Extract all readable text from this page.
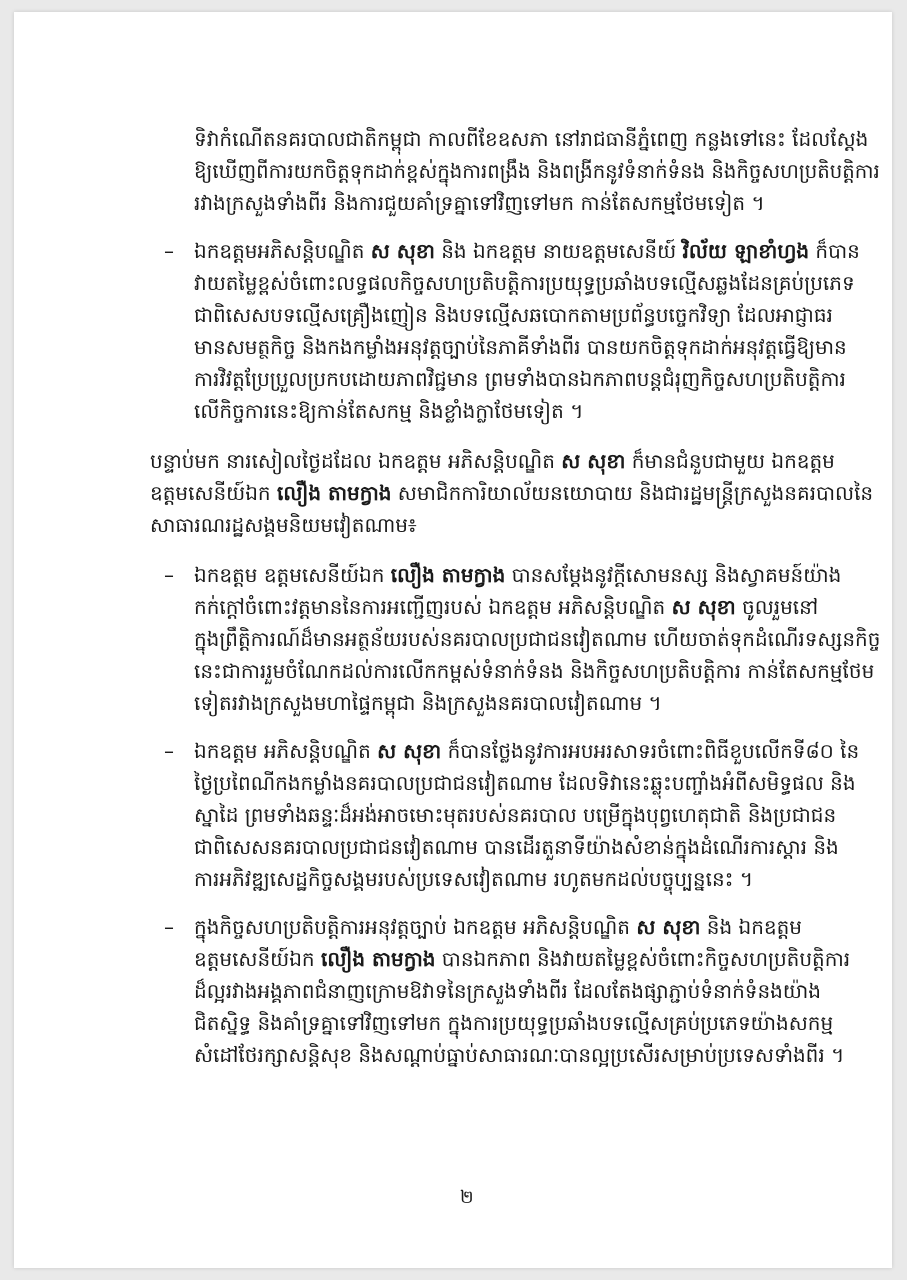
ទិវាកំណើតនគរបាលជាតិកម្ពុជា កាលពីខែឧសភា នៅរាជធានីភ្នំពេញ កន្លងទៅនេះ ដែលស្តែង
ឱ្យឃើញពីការយកចិត្តទុកដាក់ខ្ពស់ក្នុងការពង្រឹង និងពង្រីកនូវទំនាក់ទំនង និងកិច្ចសហប្រតិបត្តិការ
រវាងក្រសួងទាំងពីរ និងការជួយគាំទ្រគ្នាទៅវិញទៅមក កាន់តែសកម្មថែមទៀត ។
– ឯកឧត្តមអភិសន្តិបណ្ឌិត ស សុខា និង ឯកឧត្តម នាយឧត្តមសេនីយ៍ វិល័យ ឡាខាំហ្វង ក៏បាន
វាយតម្លៃខ្ពស់ចំពោះលទ្ធផលកិច្ចសហប្រតិបត្តិការប្រយុទ្ធប្រឆាំងបទល្មើសឆ្លងដែនគ្រប់ប្រភេទ
ជាពិសេសបទល្មើសគ្រឿងញៀន និងបទល្មើសឆបោកតាមប្រព័ន្ធបច្ចេកវិទ្យា ដែលអាជ្ញាធរ
មានសមត្ថកិច្ច និងកងកម្លាំងអនុវត្តច្បាប់នៃភាគីទាំងពីរ បានយកចិត្តទុកដាក់អនុវត្តធ្វើឱ្យមាន
ការវិវត្តប្រែប្រួលប្រកបដោយភាពវិជ្ជមាន ព្រមទាំងបានឯកភាពបន្តជំរុញកិច្ចសហប្រតិបត្តិការ
លើកិច្ចការនេះឱ្យកាន់តែសកម្ម និងខ្លាំងក្លាថែមទៀត ។
បន្ទាប់មក នារសៀលថ្ងៃដដែល ឯកឧត្តម អភិសន្តិបណ្ឌិត ស សុខា ក៏មានជំនួបជាមួយ ឯកឧត្តម
ឧត្តមសេនីយ៍ឯក លឿង តាមក្វាង សមាជិកការិយាល័យនយោបាយ និងជារដ្ឋមន្ត្រីក្រសួងនគរបាលនៃ
សាធារណរដ្ឋសង្គមនិយមវៀតណាម៖
– ឯកឧត្តម ឧត្តមសេនីយ៍ឯក លឿង តាមក្វាង បានសម្តែងនូវក្តីសោមនស្ស និងស្វាគមន៍យ៉ាង
កក់ក្តៅចំពោះវត្តមាននៃការអញ្ជើញរបស់ ឯកឧត្តម អភិសន្តិបណ្ឌិត ស សុខា ចូលរួមនៅ
ក្នុងព្រឹត្តិការណ៍ដ៏មានអត្ថន័យរបស់នគរបាលប្រជាជនវៀតណាម ហើយចាត់ទុកដំណើរទស្សនកិច្ច
នេះជាការរួមចំណែកដល់ការលើកកម្ពស់ទំនាក់ទំនង និងកិច្ចសហប្រតិបត្តិការ កាន់តែសកម្មថែម
ទៀតរវាងក្រសួងមហាផ្ទៃកម្ពុជា និងក្រសួងនគរបាលវៀតណាម ។
– ឯកឧត្តម អភិសន្តិបណ្ឌិត ស សុខា ក៏បានថ្លែងនូវការអបអរសាទរចំពោះពិធីខួបលើកទី៨០ នៃ
ថ្ងៃប្រពៃណីកងកម្លាំងនគរបាលប្រជាជនវៀតណាម ដែលទិវានេះឆ្លុះបញ្ចាំងអំពីសមិទ្ធផល និង
ស្នាដៃ ព្រមទាំងឆន្ទៈដ៏អង់អាចមោះមុតរបស់នគរបាល បម្រើក្នុងបុព្វហេតុជាតិ និងប្រជាជន
ជាពិសេសនគរបាលប្រជាជនវៀតណាម បានដើរតួនាទីយ៉ាងសំខាន់ក្នុងដំណើរការស្តារ និង
ការអភិវឌ្ឍសេដ្ឋកិច្ចសង្គមរបស់ប្រទេសវៀតណាម រហូតមកដល់បច្ចុប្បន្ននេះ ។
– ក្នុងកិច្ចសហប្រតិបត្តិការអនុវត្តច្បាប់ ឯកឧត្តម អភិសន្តិបណ្ឌិត ស សុខា និង ឯកឧត្តម
ឧត្តមសេនីយ៍ឯក លឿង តាមក្វាង បានឯកភាព និងវាយតម្លៃខ្ពស់ចំពោះកិច្ចសហប្រតិបត្តិការ
ដ៏ល្អរវាងអង្គភាពជំនាញក្រោមឱវាទនៃក្រសួងទាំងពីរ ដែលតែងផ្សាភ្ជាប់ទំនាក់ទំនងយ៉ាង
ជិតស្និទ្ធ និងគាំទ្រគ្នាទៅវិញទៅមក ក្នុងការប្រយុទ្ធប្រឆាំងបទល្មើសគ្រប់ប្រភេទយ៉ាងសកម្ម
សំដៅថែរក្សាសន្តិសុខ និងសណ្តាប់ធ្នាប់សាធារណៈបានល្អប្រសើរសម្រាប់ប្រទេសទាំងពីរ ។
២
